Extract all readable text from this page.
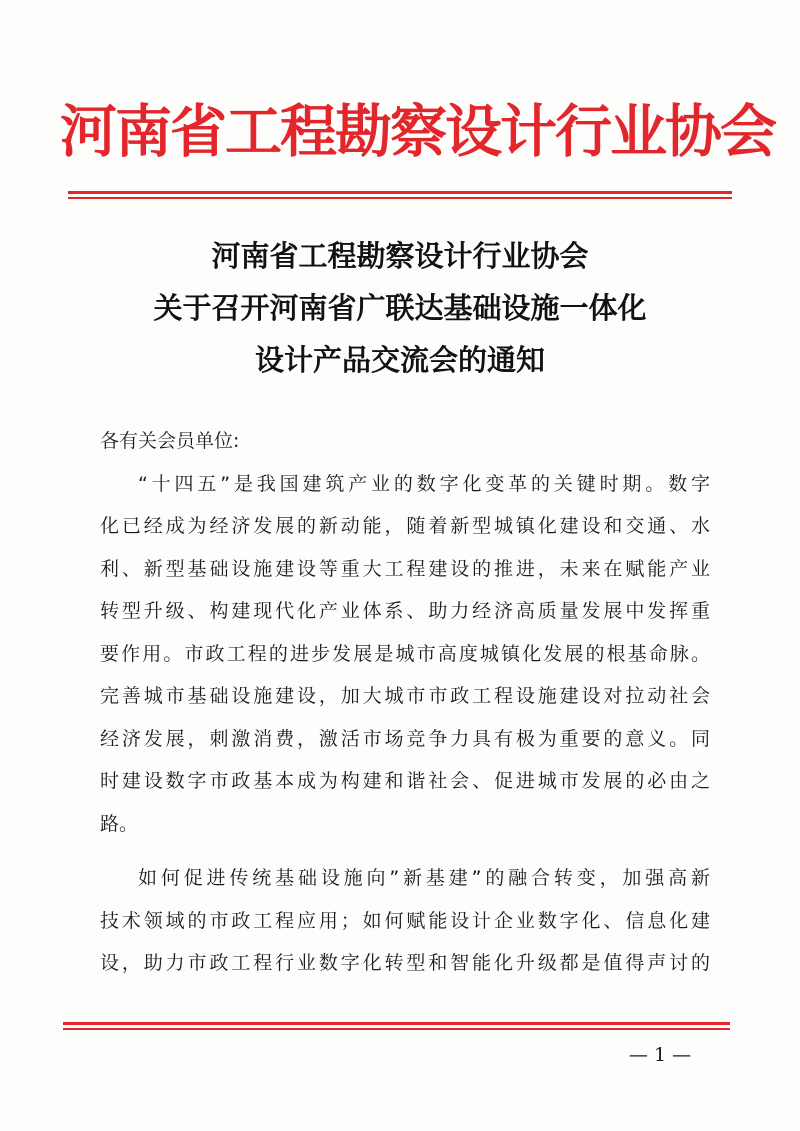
河南省工程勘察设计行业协会
河南省工程勘察设计行业协会
关于召开河南省广联达基础设施一体化
设计产品交流会的通知
各有关会员单位:
“十四五”是我国建筑产业的数字化变革的关键时期。数字
化已经成为经济发展的新动能，随着新型城镇化建设和交通、水
利、新型基础设施建设等重大工程建设的推进，未来在赋能产业
转型升级、构建现代化产业体系、助力经济高质量发展中发挥重
要作用。市政工程的进步发展是城市高度城镇化发展的根基命脉。
完善城市基础设施建设，加大城市市政工程设施建设对拉动社会
经济发展，刺激消费，激活市场竞争力具有极为重要的意义。同
时建设数字市政基本成为构建和谐社会、促进城市发展的必由之
路。
如何促进传统基础设施向”新基建”的融合转变，加强高新
技术领域的市政工程应用；如何赋能设计企业数字化、信息化建
设，助力市政工程行业数字化转型和智能化升级都是值得声讨的
— 1 —
